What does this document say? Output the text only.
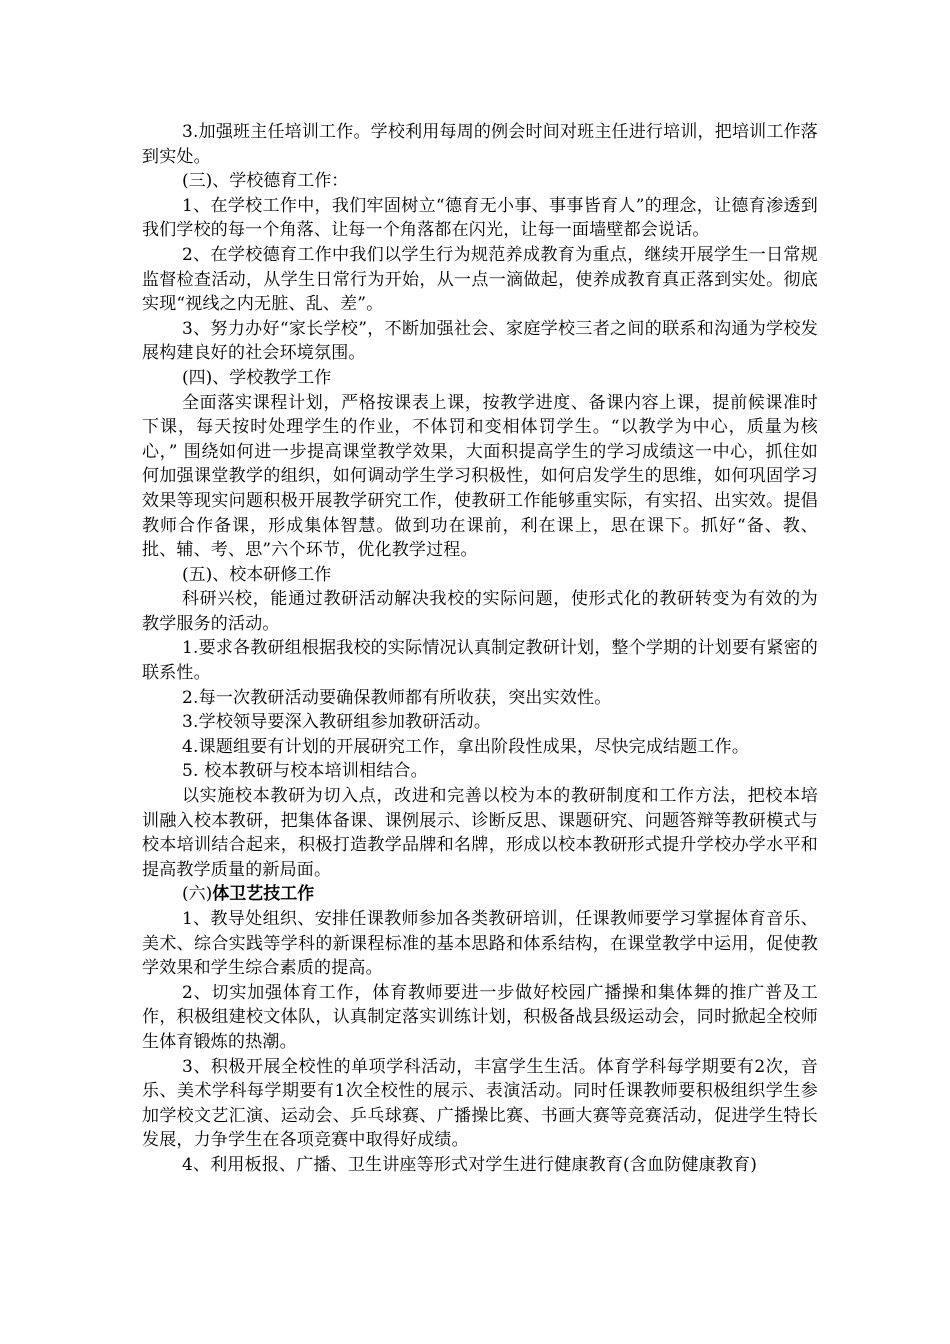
3.加强班主任培训工作。学校利用每周的例会时间对班主任进行培训，把培训工作落到实处。

(三)、学校德育工作：

1、在学校工作中，我们牢固树立“德育无小事、事事皆育人”的理念，让德育渗透到我们学校的每一个角落、让每一个角落都在闪光，让每一面墙壁都会说话。

2、在学校德育工作中我们以学生行为规范养成教育为重点，继续开展学生一日常规监督检查活动，从学生日常行为开始，从一点一滴做起，使养成教育真正落到实处。彻底实现“视线之内无脏、乱、差”。

3、努力办好“家长学校”，不断加强社会、家庭学校三者之间的联系和沟通为学校发展构建良好的社会环境氛围。

(四)、学校教学工作

全面落实课程计划，严格按课表上课，按教学进度、备课内容上课，提前候课准时下课，每天按时处理学生的作业，不体罚和变相体罚学生。“以教学为中心，质量为核心，” 围绕如何进一步提高课堂教学效果，大面积提高学生的学习成绩这一中心，抓住如何加强课堂教学的组织，如何调动学生学习积极性，如何启发学生的思维，如何巩固学习效果等现实问题积极开展教学研究工作，使教研工作能够重实际，有实招、出实效。提倡教师合作备课，形成集体智慧。做到功在课前，利在课上，思在课下。抓好“备、教、批、辅、考、思”六个环节，优化教学过程。

(五)、校本研修工作

科研兴校，能通过教研活动解决我校的实际问题，使形式化的教研转变为有效的为教学服务的活动。

1.要求各教研组根据我校的实际情况认真制定教研计划，整个学期的计划要有紧密的联系性。

2.每一次教研活动要确保教师都有所收获，突出实效性。

3.学校领导要深入教研组参加教研活动。

4.课题组要有计划的开展研究工作，拿出阶段性成果，尽快完成结题工作。

5. 校本教研与校本培训相结合。

以实施校本教研为切入点，改进和完善以校为本的教研制度和工作方法，把校本培训融入校本教研，把集体备课、课例展示、诊断反思、课题研究、问题答辩等教研模式与校本培训结合起来，积极打造教学品牌和名牌，形成以校本教研形式提升学校办学水平和提高教学质量的新局面。

(六)体卫艺技工作

1、教导处组织、安排任课教师参加各类教研培训，任课教师要学习掌握体育音乐、美术、综合实践等学科的新课程标准的基本思路和体系结构，在课堂教学中运用，促使教学效果和学生综合素质的提高。

2、切实加强体育工作，体育教师要进一步做好校园广播操和集体舞的推广普及工作，积极组建校文体队，认真制定落实训练计划，积极备战县级运动会，同时掀起全校师生体育锻炼的热潮。

3、积极开展全校性的单项学科活动，丰富学生生活。体育学科每学期要有2次，音乐、美术学科每学期要有1次全校性的展示、表演活动。同时任课教师要积极组织学生参加学校文艺汇演、运动会、乒乓球赛、广播操比赛、书画大赛等竞赛活动，促进学生特长发展，力争学生在各项竞赛中取得好成绩。

4、利用板报、广播、卫生讲座等形式对学生进行健康教育(含血防健康教育)
